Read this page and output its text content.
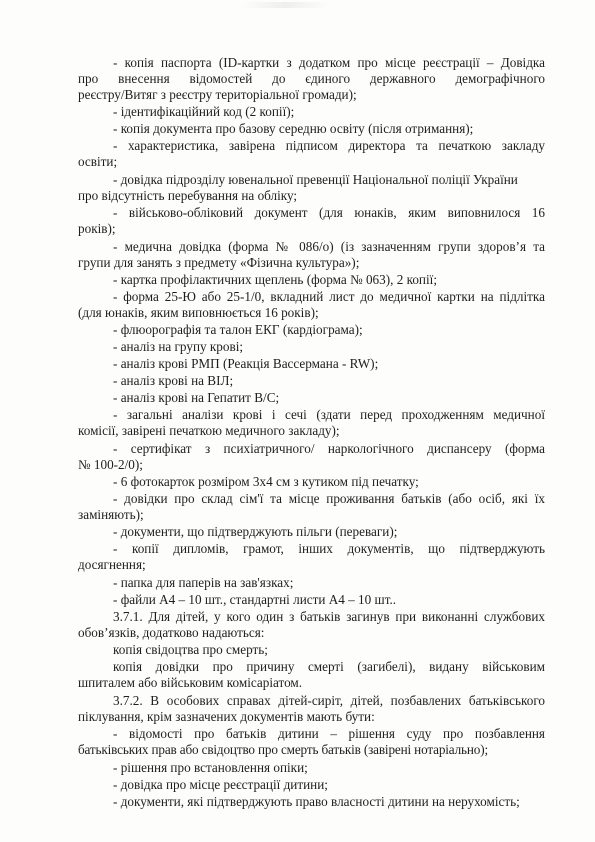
- копія паспорта (ID-картки з додатком про місце реєстрації – Довідка
про внесення відомостей до єдиного державного демографічного
реєстру/Витяг з реєстру територіальної громади);
- ідентифікаційний код (2 копії);
- копія документа про базову середню освіту (після отримання);
- характеристика, завірена підписом директора та печаткою закладу
освіти;
- довідка підрозділу ювенальної превенції Національної поліції України
про відсутність перебування на обліку;
- військово-обліковий документ (для юнаків, яким виповнилося 16
років);
- медична довідка (форма № 086/о) (із зазначенням групи здоров’я та
групи для занять з предмету «Фізична культура»);
- картка профілактичних щеплень (форма № 063), 2 копії;
- форма 25-Ю або 25-1/0, вкладний лист до медичної картки на підлітка
(для юнаків, яким виповнюється 16 років);
- флюорографія та талон ЕКГ (кардіограма);
- аналіз на групу крові;
- аналіз крові РМП (Реакція Вассермана - RW);
- аналіз крові на ВІЛ;
- аналіз крові на Гепатит В/С;
- загальні аналізи крові і сечі (здати перед проходженням медичної
комісії, завірені печаткою медичного закладу);
- сертифікат з психіатричного/ наркологічного диспансеру (форма
№ 100-2/0);
- 6 фотокарток розміром 3х4 см з кутиком під печатку;
- довідки про склад сім'ї та місце проживання батьків (або осіб, які їх
заміняють);
- документи, що підтверджують пільги (переваги);
- копії дипломів, грамот, інших документів, що підтверджують
досягнення;
- папка для паперів на зав'язках;
- файли А4 – 10 шт., стандартні листи А4 – 10 шт..
3.7.1. Для дітей, у кого один з батьків загинув при виконанні службових
обов’язків, додатково надаються:
копія свідоцтва про смерть;
копія довідки про причину смерті (загибелі), видану військовим
шпиталем або військовим комісаріатом.
3.7.2. В особових справах дітей-сиріт, дітей, позбавлених батьківського
піклування, крім зазначених документів мають бути:
- відомості про батьків дитини – рішення суду про позбавлення
батьківських прав або свідоцтво про смерть батьків (завірені нотаріально);
- рішення про встановлення опіки;
- довідка про місце реєстрації дитини;
- документи, які підтверджують право власності дитини на нерухомість;
